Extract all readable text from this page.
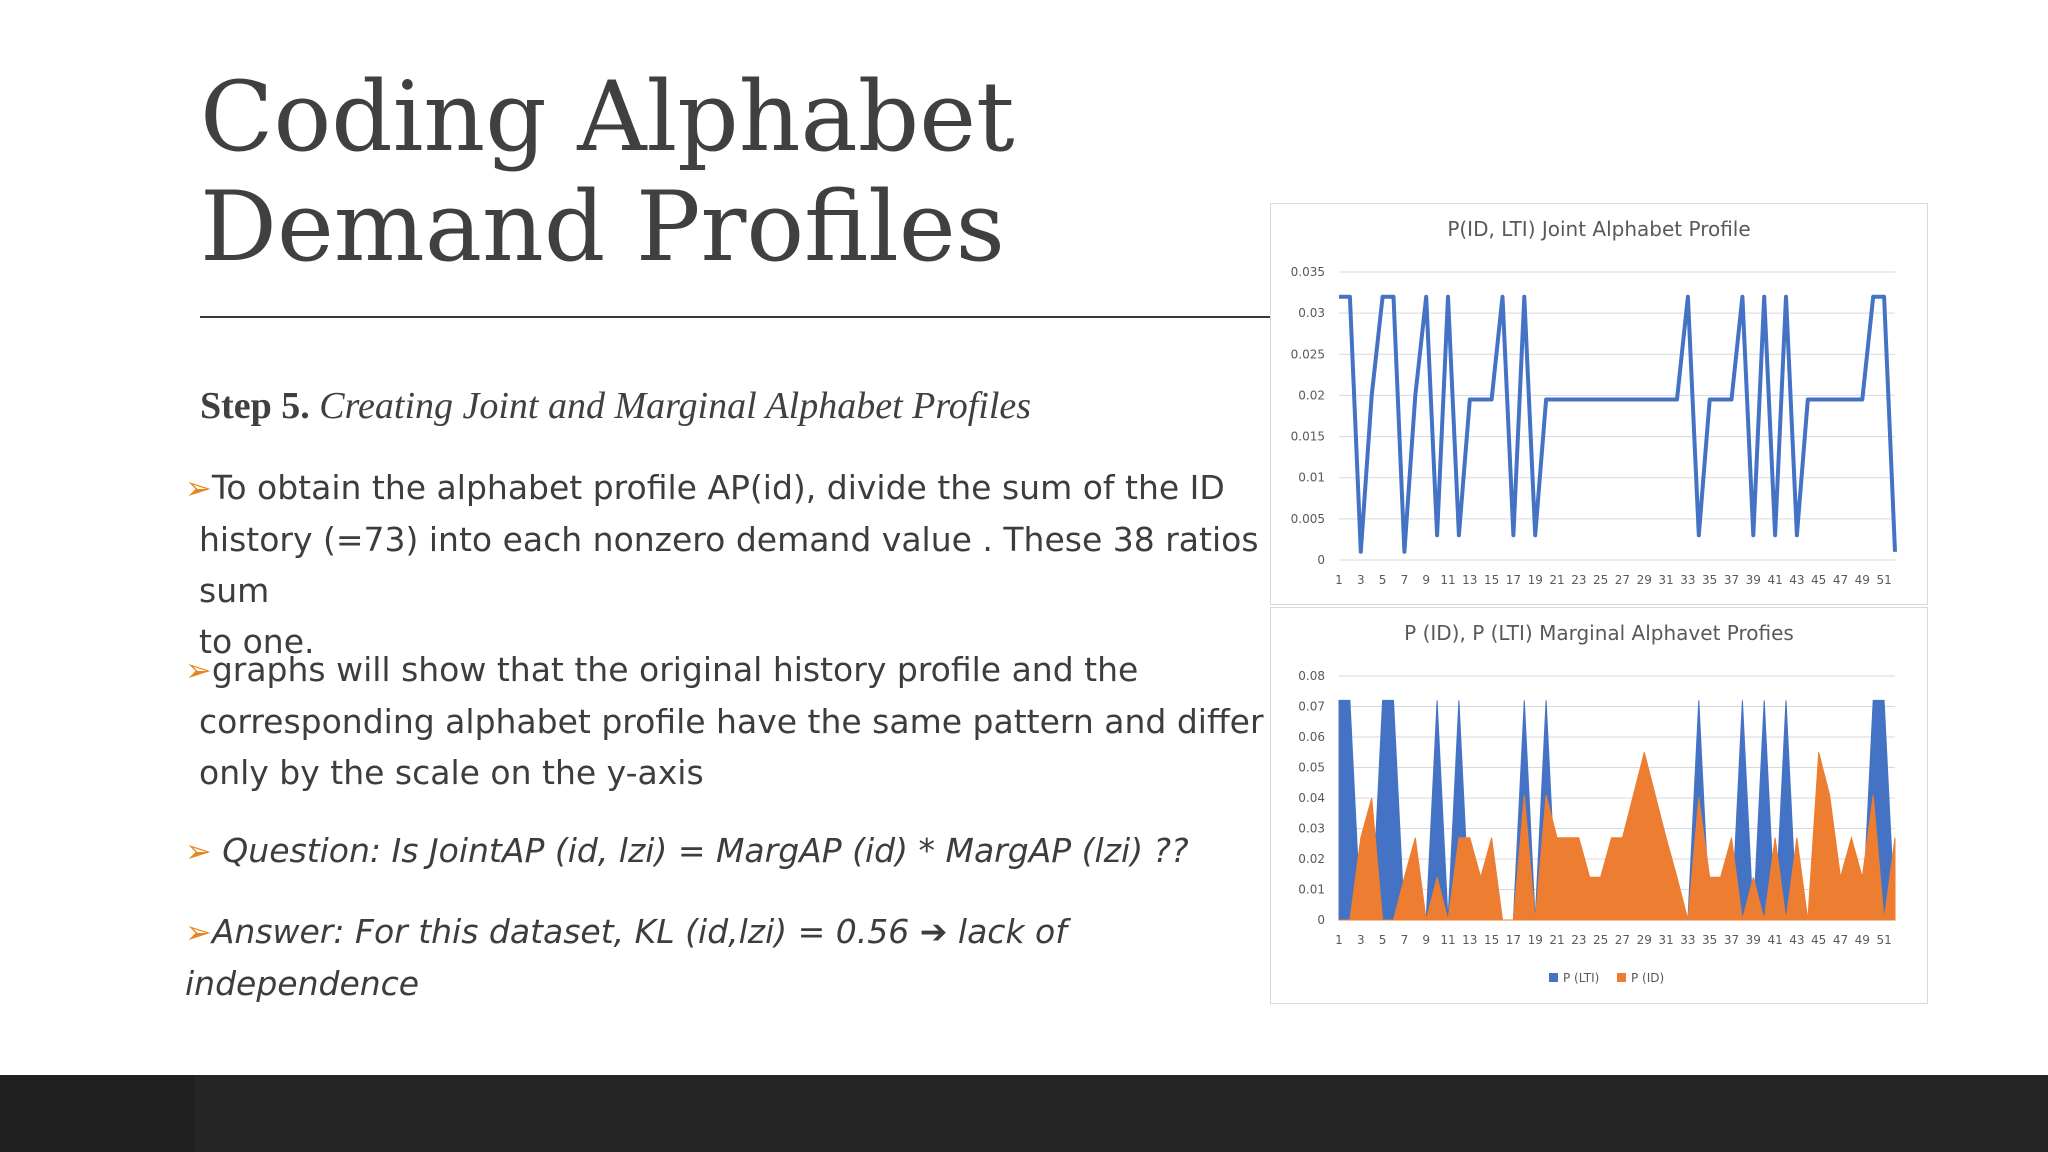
Coding Alphabet
Demand Profiles
Step 5. Creating Joint and Marginal Alphabet Profiles
➢To obtain the alphabet profile AP(id), divide the sum of the ID
history (=73) into each nonzero demand value . These 38 ratios sum
to one.
➢graphs will show that the original history profile and the
corresponding alphabet profile have the same pattern and differ
only by the scale on the y-axis
➢ Question: Is JointAP (id, lzi) = MargAP (id) * MargAP (lzi) ??
➢Answer: For this dataset, KL (id,lzi) = 0.56 ➔ lack of independence
P(ID, LTI) Joint Alphabet Profile
0
0.005
0.01
0.015
0.02
0.025
0.03
0.035
1 3 5 7 9 11 13 15 17 19 21 23 25 27 29 31 33 35 37 39 41 43 45 47 49 51
P (ID), P (LTI) Marginal Alphavet Profies
0
0.01
0.02
0.03
0.04
0.05
0.06
0.07
0.08
1 3 5 7 9 11 13 15 17 19 21 23 25 27 29 31 33 35 37 39 41 43 45 47 49 51
P (LTI)	P (ID)
